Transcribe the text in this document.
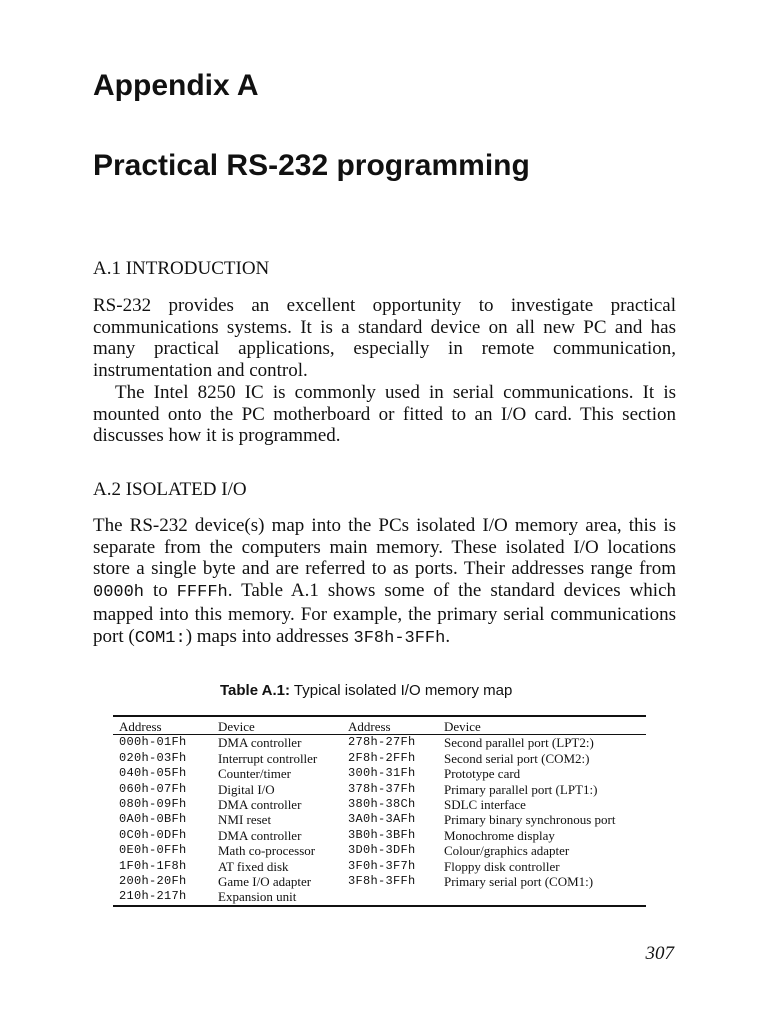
Appendix A
Practical RS-232 programming
A.1 INTRODUCTION

RS-232 provides an excellent opportunity to investigate practical communications systems. It is a standard device on all new PC and has many practical applications, especially in remote communication, instrumentation and control.

The Intel 8250 IC is commonly used in serial communications. It is mounted onto the PC motherboard or fitted to an I/O card. This section discusses how it is programmed.

A.2 ISOLATED I/O

The RS-232 device(s) map into the PCs isolated I/O memory area, this is separate from the computers main memory. These isolated I/O locations store a single byte and are referred to as ports. Their addresses range from 0000h to FFFFh. Table A.1 shows some of the standard devices which mapped into this memory. For example, the primary serial communications port (COM1:) maps into addresses 3F8h-3FFh.

Table A.1: Typical isolated I/O memory map

Address	Device	Address	Device
000h-01Fh	DMA controller	278h-27Fh	Second parallel port (LPT2:)
020h-03Fh	Interrupt controller	2F8h-2FFh	Second serial port (COM2:)
040h-05Fh	Counter/timer	300h-31Fh	Prototype card
060h-07Fh	Digital I/O	378h-37Fh	Primary parallel port (LPT1:)
080h-09Fh	DMA controller	380h-38Ch	SDLC interface
0A0h-0BFh	NMI reset	3A0h-3AFh	Primary binary synchronous port
0C0h-0DFh	DMA controller	3B0h-3BFh	Monochrome display
0E0h-0FFh	Math co-processor	3D0h-3DFh	Colour/graphics adapter
1F0h-1F8h	AT fixed disk	3F0h-3F7h	Floppy disk controller
200h-20Fh	Game I/O adapter	3F8h-3FFh	Primary serial port (COM1:)
210h-217h	Expansion unit		

307
